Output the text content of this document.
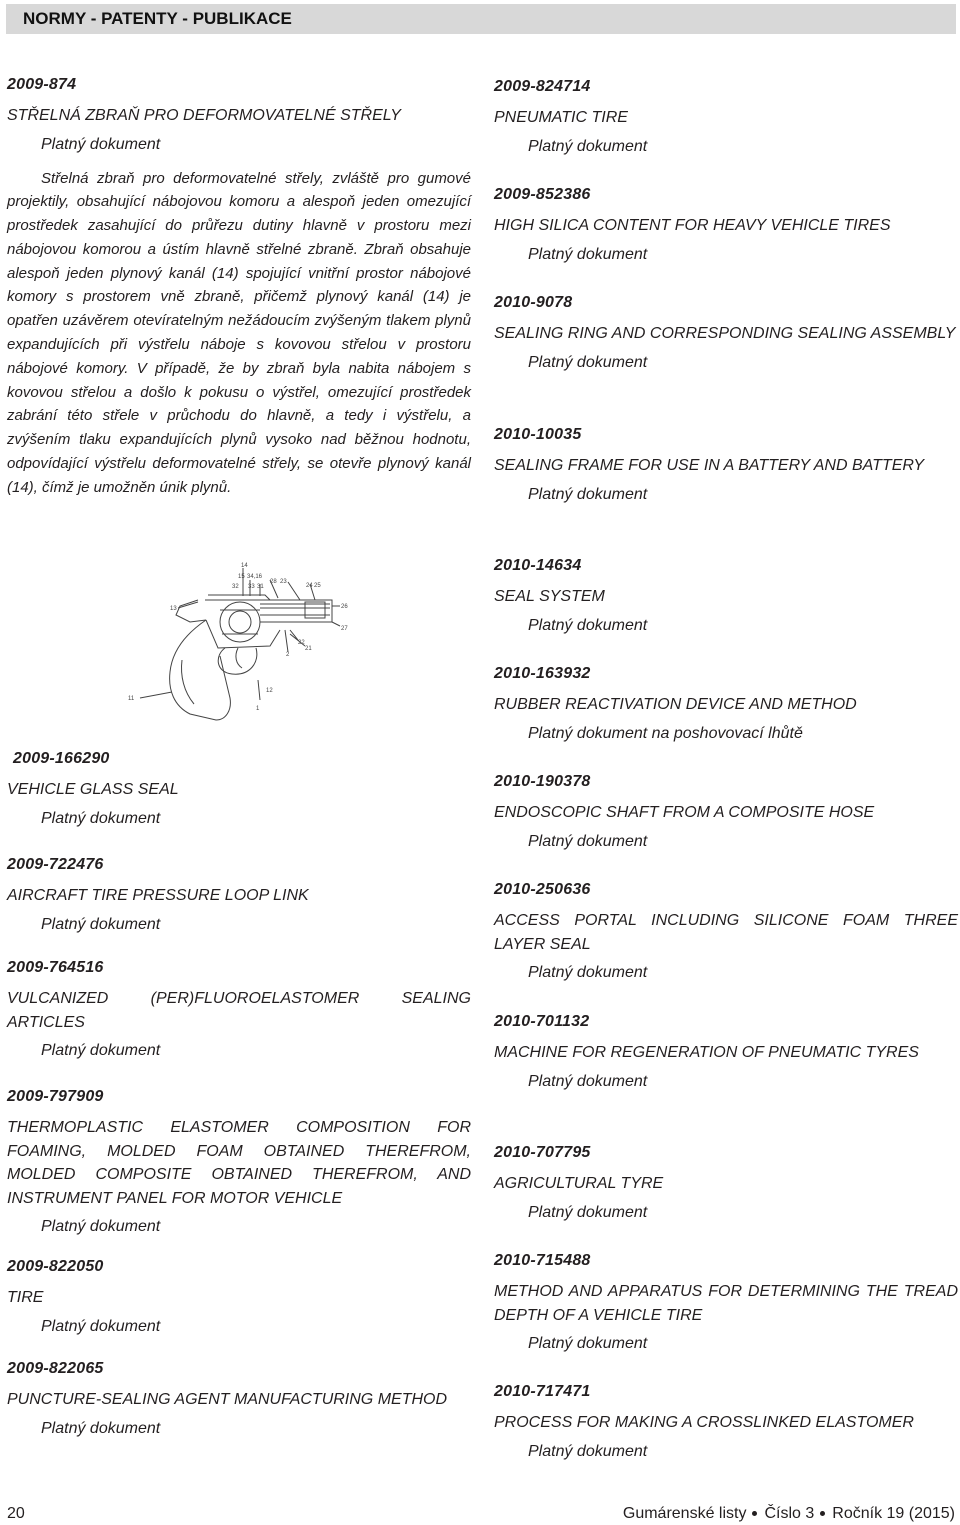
NORMY - PATENTY - PUBLIKACE
2009-874
STŘELNÁ ZBRAŇ PRO DEFORMOVATELNÉ STŘELY
Platný dokument
Střelná zbraň pro deformovatelné střely, zvláště pro gumové projektily, obsahující nábojovou komoru a alespoň jeden omezující prostředek zasahující do průřezu dutiny hlavně v prostoru mezi nábojovou komorou a ústím hlavně střelné zbraně. Zbraň obsahuje alespoň jeden plynový kanál (14) spojující vnitřní prostor nábojové komory s prostorem vně zbraně, přičemž plynový kanál (14) je opatřen uzávěrem otevíratelným nežádoucím zvýšeným tlakem plynů expandujících při výstřelu náboje s kovovou střelou v prostoru nábojové komory. V případě, že by zbraň byla nabita nábojem s kovovou střelou a došlo k pokusu o výstřel, omezující prostředek zabrání této střele v průchodu do hlavně, a tedy i výstřelu, a zvýšením tlaku expandujících plynů vysoko nad běžnou hodnotu, odpovídající výstřelu deformovatelné střely, se otevře plynový kanál (14), čímž je umožněn únik plynů.
14
15 34,16
32 33 31
28 23
24 25
13	26
27
22
21
2
11
12
1
2009-166290
VEHICLE GLASS SEAL
Platný dokument
2009-722476
AIRCRAFT TIRE PRESSURE LOOP LINK
Platný dokument
2009-764516
VULCANIZED (PER)FLUOROELASTOMER SEALING ARTICLES
Platný dokument
2009-797909
THERMOPLASTIC ELASTOMER COMPOSITION FOR FOAMING, MOLDED FOAM OBTAINED THEREFROM, MOLDED COMPOSITE OBTAINED THEREFROM, AND INSTRUMENT PANEL FOR MOTOR VEHICLE
Platný dokument
2009-822050
TIRE
Platný dokument
2009-822065
PUNCTURE-SEALING AGENT MANUFACTURING METHOD
Platný dokument
2009-824714
PNEUMATIC TIRE
Platný dokument
2009-852386
HIGH SILICA CONTENT FOR HEAVY VEHICLE TIRES
Platný dokument
2010-9078
SEALING RING AND CORRESPONDING SEALING ASSEMBLY
Platný dokument
2010-10035
SEALING FRAME FOR USE IN A BATTERY AND BATTERY
Platný dokument
2010-14634
SEAL SYSTEM
Platný dokument
2010-163932
RUBBER REACTIVATION DEVICE AND METHOD
Platný dokument na poshovovací lhůtě
2010-190378
ENDOSCOPIC SHAFT FROM A COMPOSITE HOSE
Platný dokument
2010-250636
ACCESS PORTAL INCLUDING SILICONE FOAM THREE LAYER SEAL
Platný dokument
2010-701132
MACHINE FOR REGENERATION OF PNEUMATIC TYRES
Platný dokument
2010-707795
AGRICULTURAL TYRE
Platný dokument
2010-715488
METHOD AND APPARATUS FOR DETERMINING THE TREAD DEPTH OF A VEHICLE TIRE
Platný dokument
2010-717471
PROCESS FOR MAKING A CROSSLINKED ELASTOMER
Platný dokument
20	Gumárenské listy Číslo 3 Ročník 19 (2015)
